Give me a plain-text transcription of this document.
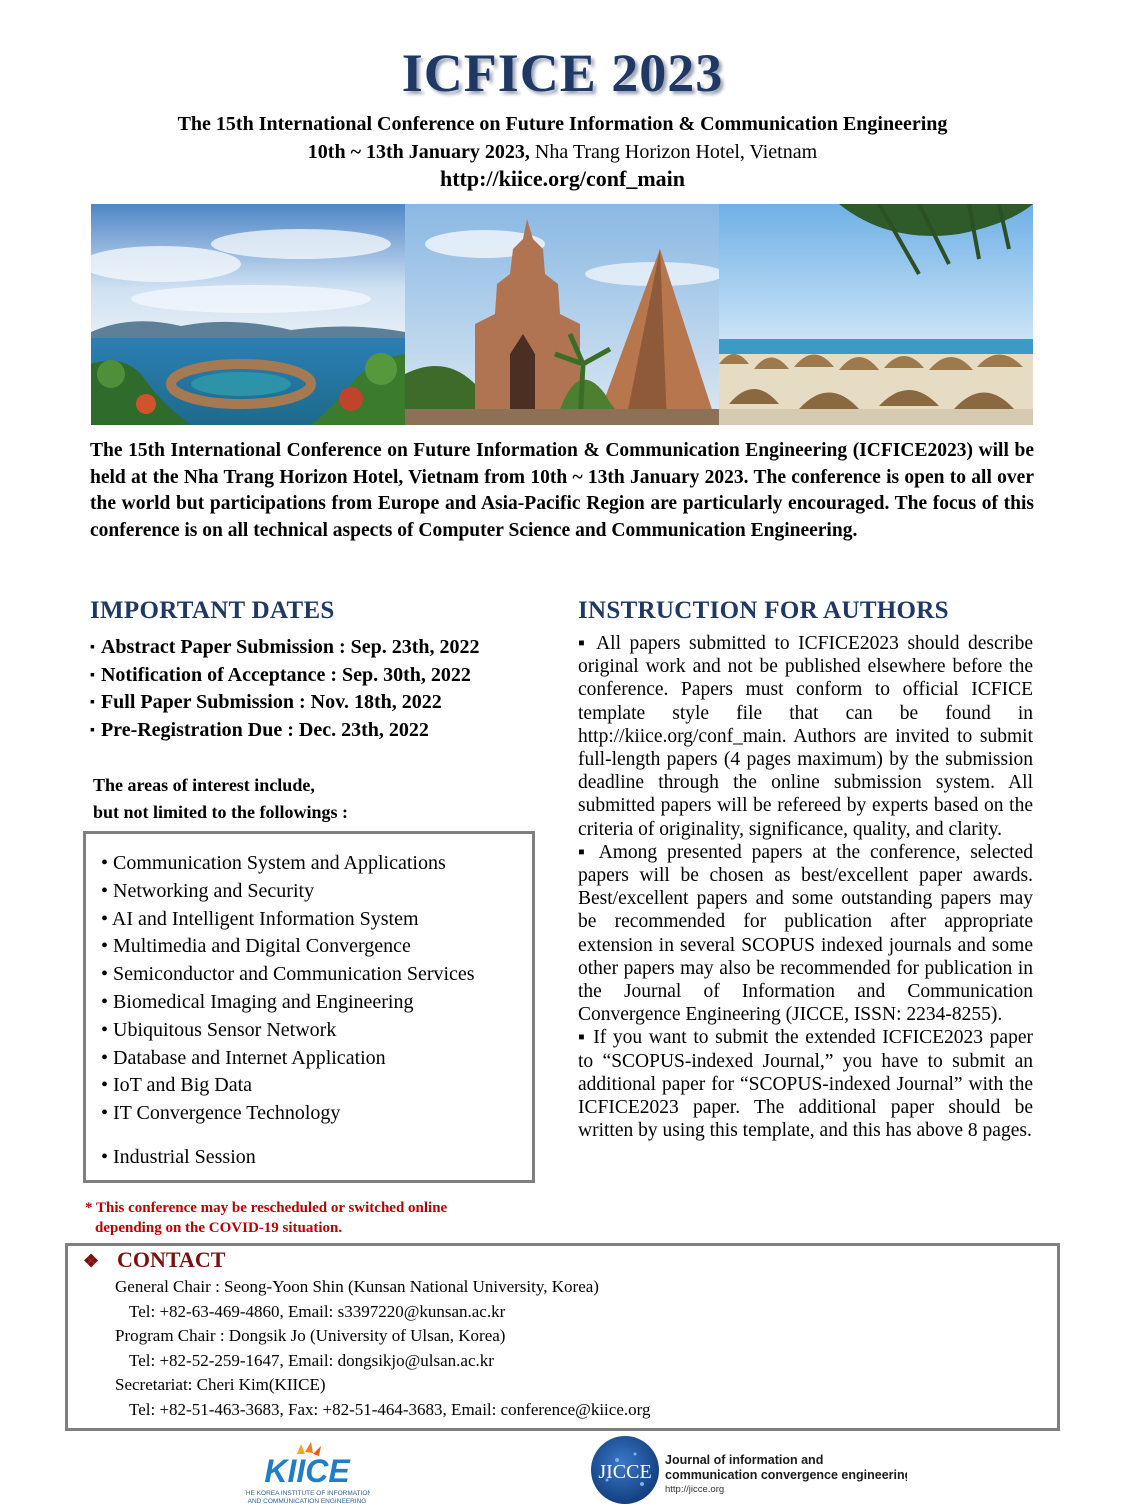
ICFICE 2023
The 15th International Conference on Future Information & Communication Engineering
10th ~ 13th January 2023, Nha Trang Horizon Hotel, Vietnam
http://kiice.org/conf_main
The 15th International Conference on Future Information & Communication Engineering (ICFICE2023) will be held at the Nha Trang Horizon Hotel, Vietnam from 10th ~ 13th January 2023. The conference is open to all over the world but participations from Europe and Asia-Pacific Region are particularly encouraged. The focus of this conference is on all technical aspects of Computer Science and Communication Engineering.
IMPORTANT DATES
▪ Abstract Paper Submission : Sep. 23th, 2022
▪ Notification of Acceptance : Sep. 30th, 2022
▪ Full Paper Submission : Nov. 18th, 2022
▪ Pre-Registration Due : Dec. 23th, 2022
The areas of interest include,
but not limited to the followings :
• Communication System and Applications
• Networking and Security
• AI and Intelligent Information System
• Multimedia and Digital Convergence
• Semiconductor and Communication Services
• Biomedical Imaging and Engineering
• Ubiquitous Sensor Network
• Database and Internet Application
• IoT and Big Data
• IT Convergence Technology
• Industrial Session
* This conference may be rescheduled or switched online
depending on the COVID-19 situation.
INSTRUCTION FOR AUTHORS

▪ All papers submitted to ICFICE2023 should describe original work and not be published elsewhere before the conference. Papers must conform to official ICFICE template style file that can be found in http://kiice.org/conf_main. Authors are invited to submit full-length papers (4 pages maximum) by the submission deadline through the online submission system. All submitted papers will be refereed by experts based on the criteria of originality, significance, quality, and clarity.

▪ Among presented papers at the conference, selected papers will be chosen as best/excellent paper awards. Best/excellent papers and some outstanding papers may be recommended for publication after appropriate extension in several SCOPUS indexed journals and some other papers may also be recommended for publication in the Journal of Information and Communication Convergence Engineering (JICCE, ISSN: 2234-8255).

▪ If you want to submit the extended ICFICE2023 paper to “SCOPUS-indexed Journal,” you have to submit an additional paper for “SCOPUS-indexed Journal” with the ICFICE2023 paper. The additional paper should be written by using this template, and this has above 8 pages.

❖ CONTACT
General Chair : Seong-Yoon Shin (Kunsan National University, Korea)
Tel: +82-63-469-4860, Email: s3397220@kunsan.ac.kr
Program Chair : Dongsik Jo (University of Ulsan, Korea)
Tel: +82-52-259-1647, Email: dongsikjo@ulsan.ac.kr
Secretariat: Cheri Kim(KIICE)
Tel: +82-51-463-3683, Fax: +82-51-464-3683, Email: conference@kiice.org
KIICE
THE KOREA INSTITUTE OF INFORMATION
AND COMMUNICATION ENGINEERING
JICCE
Journal of information and
communication convergence engineering
http://jicce.org
